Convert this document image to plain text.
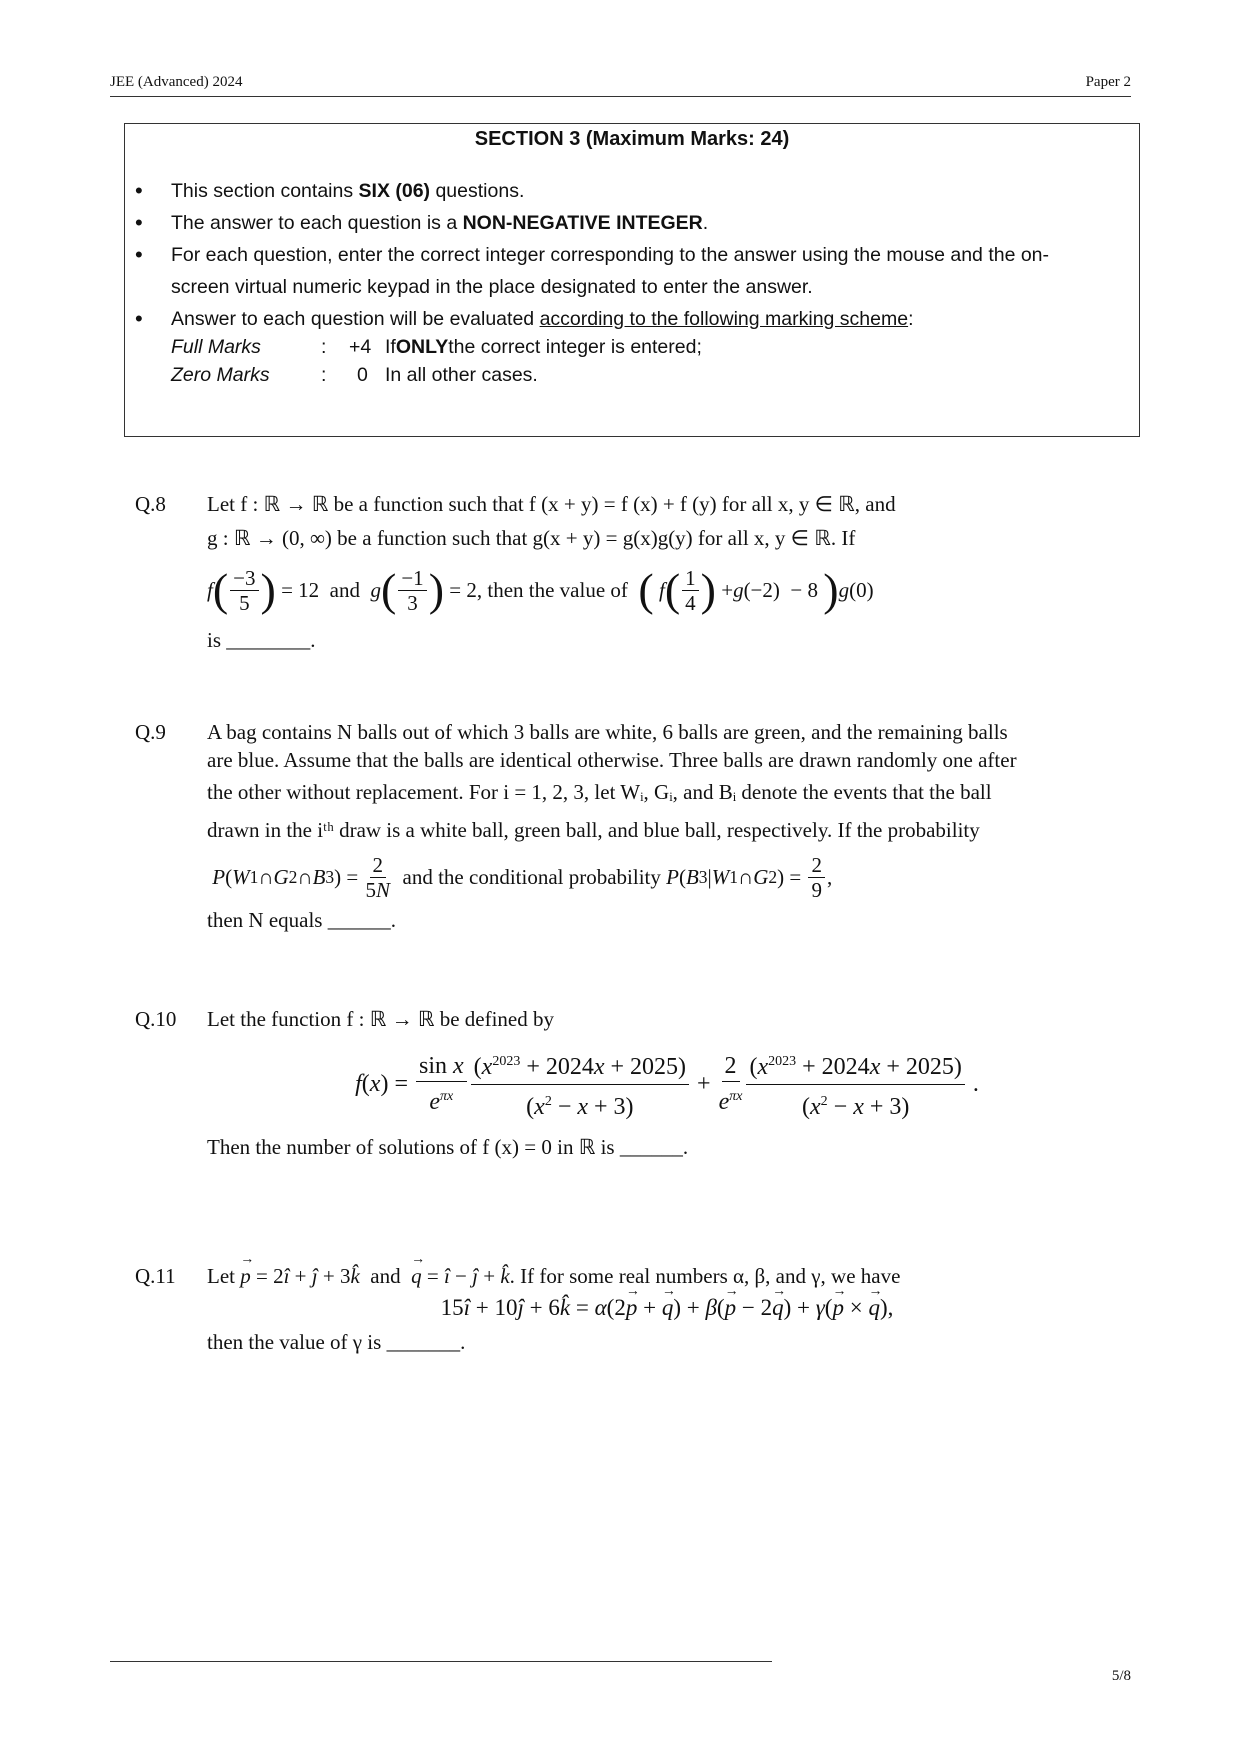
JEE (Advanced) 2024	Paper 2
SECTION 3 (Maximum Marks: 24)
• This section contains SIX (06) questions.
• The answer to each question is a NON-NEGATIVE INTEGER.
• For each question, enter the correct integer corresponding to the answer using the mouse and the on-
screen virtual numeric keypad in the place designated to enter the answer.
• Answer to each question will be evaluated according to the following marking scheme:
Full Marks	:	+4 If ONLY the correct integer is entered;
Zero Marks	:	0 In all other cases.
Q.8 Let f : ℝ → ℝ be a function such that f (x + y) = f (x) + f (y) for all x, y ∈ ℝ, and
g : ℝ → (0, ∞) be a function such that g(x + y) = g(x)g(y) for all x, y ∈ ℝ. If
f ( $\frac{-3}{5}$ ) = 12  and g ( $\frac{-1}{3}$ ) = 2, then the value of (
f ( $\frac{1}{4}$ ) + g (−2)  − 8 ) g (0)
is ________.
Q.9 A bag contains N balls out of which 3 balls are white, 6 balls are green, and the remaining balls
are blue. Assume that the balls are identical otherwise. Three balls are drawn randomly one after
the other without replacement. For i = 1, 2, 3, let Wᵢ, Gᵢ, and Bᵢ denote the events that the ball
drawn in the iᵗʰ draw is a white ball, green ball, and blue ball, respectively. If the probability

P ( W 1 ∩ G 2 ∩ B 3 ) = $\frac{2}{5N}$ and the conditional probability P ( B 3 | W 1 ∩ G 2 ) = $\frac{2}{9}$ ,
then N equals ______.
Q.10 Let the function f : ℝ → ℝ be defined by
f ( x ) = $\frac{\text{sin x}}{e^{\pi x}} \frac{(x^{2023} + 2024x + 2025)}{(x^2 - x + 3)} + \frac{2}{e^{\pi x}} \frac{(x^{2023} + 2024x + 2025)}{(x^2 - x + 3)}$ .
Then the number of solutions of f (x) = 0 in ℝ is ______.
Q.11 Let → p = 2î + ĵ + 3k̂  and  → q = î − ĵ + k̂. If for some real numbers α, β, and γ, we have
15î + 10ĵ + 6k̂ = α(2→ p + → q) + β(→ p − 2→ q) + γ(→ p × → q),
then the value of γ is _______.
5/8
